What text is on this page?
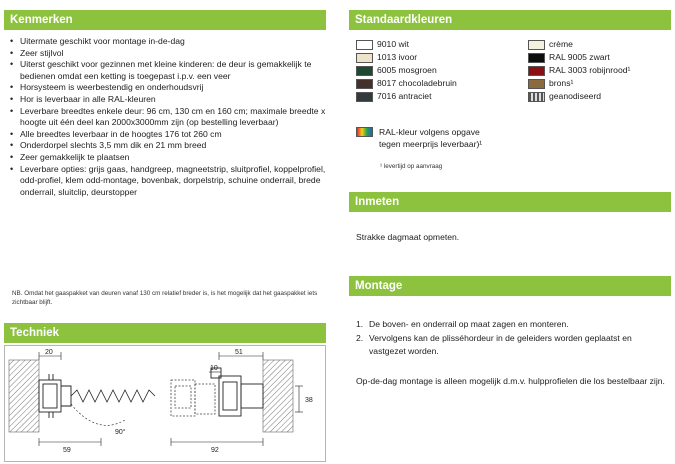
Kenmerken
• Uitermate geschikt voor montage in-de-dag
• Zeer stijlvol
• Uiterst geschikt voor gezinnen met kleine kinderen: de deur is gemakkelijk te bedienen omdat een ketting is toegepast i.p.v. een veer
• Horsysteem is weerbestendig en onderhoudsvrij
• Hor is leverbaar in alle RAL-kleuren
• Leverbare breedtes enkele deur: 96 cm, 130 cm en 160 cm; maximale breedte x hoogte uit één deel kan 2000x3000mm zijn (op bestelling leverbaar)
• Alle breedtes leverbaar in de hoogtes 176 tot 260 cm
• Onderdorpel slechts 3,5 mm dik en 21 mm breed
• Zeer gemakkelijk te plaatsen
• Leverbare opties: grijs gaas, handgreep, magneetstrip, sluitprofiel, koppelprofiel, odd-profiel, klem odd-montage, bovenbak, dorpelstrip, schuine onderrail, brede onderrail, sluitclip, deurstopper
NB. Omdat het gaaspakket van deuren vanaf 130 cm relatief breder is, is het mogelijk dat het gaaspakket iets zichtbaar blijft.
Techniek
20	51
10
38
59	92
90°
Standaardkleuren
9010 wit
1013 ivoor
6005 mosgroen
8017 chocoladebruin
7016 antraciet
crème
RAL 9005 zwart
RAL 3003 robijnrood¹
brons¹
geanodiseerd
RAL-kleur volgens opgave
tegen meerprijs leverbaar)¹
¹ levertijd op aanvraag
Inmeten
Strakke dagmaat opmeten.
Montage
1. De boven- en onderrail op maat zagen en monteren.
2. Vervolgens kan de plisséhordeur in de geleiders worden geplaatst en vastgezet worden.
Op-de-dag montage is alleen mogelijk d.m.v. hulpprofielen die los bestelbaar zijn.
